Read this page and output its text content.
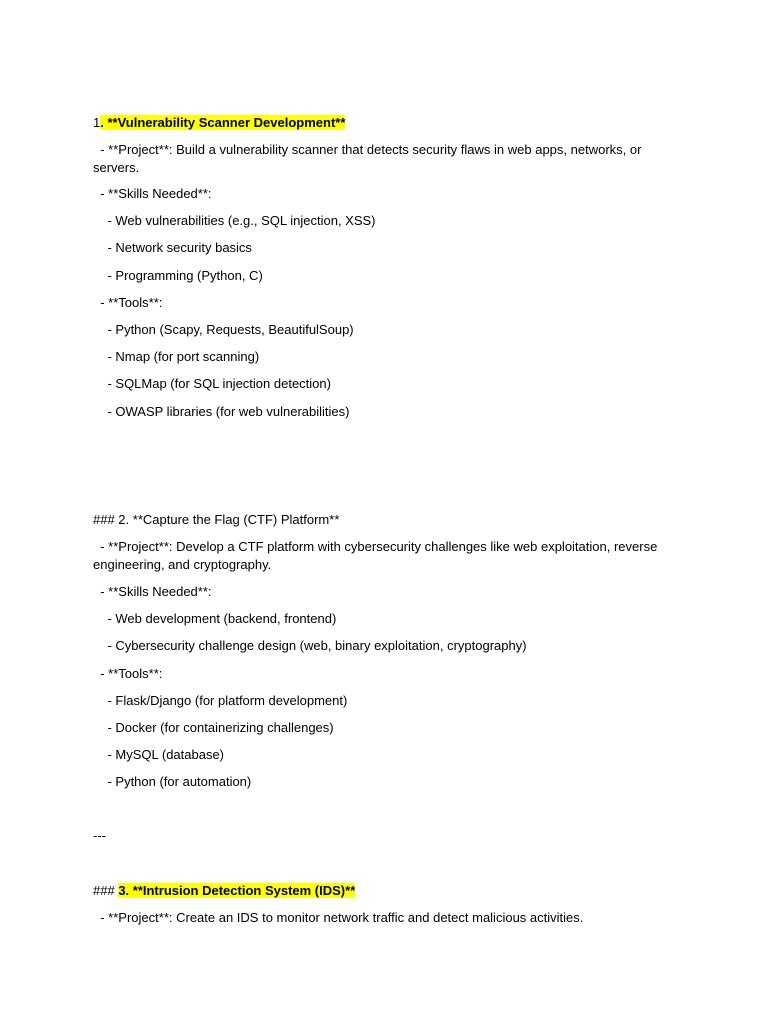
1. **Vulnerability Scanner Development**
- **Project**: Build a vulnerability scanner that detects security flaws in web apps, networks, or servers.
- **Skills Needed**:
- Web vulnerabilities (e.g., SQL injection, XSS)
- Network security basics
- Programming (Python, C)
- **Tools**:
- Python (Scapy, Requests, BeautifulSoup)
- Nmap (for port scanning)
- SQLMap (for SQL injection detection)
- OWASP libraries (for web vulnerabilities)
### 2. **Capture the Flag (CTF) Platform**
- **Project**: Develop a CTF platform with cybersecurity challenges like web exploitation, reverse engineering, and cryptography.
- **Skills Needed**:
- Web development (backend, frontend)
- Cybersecurity challenge design (web, binary exploitation, cryptography)
- **Tools**:
- Flask/Django (for platform development)
- Docker (for containerizing challenges)
- MySQL (database)
- Python (for automation)
---
### 3. **Intrusion Detection System (IDS)**
- **Project**: Create an IDS to monitor network traffic and detect malicious activities.
